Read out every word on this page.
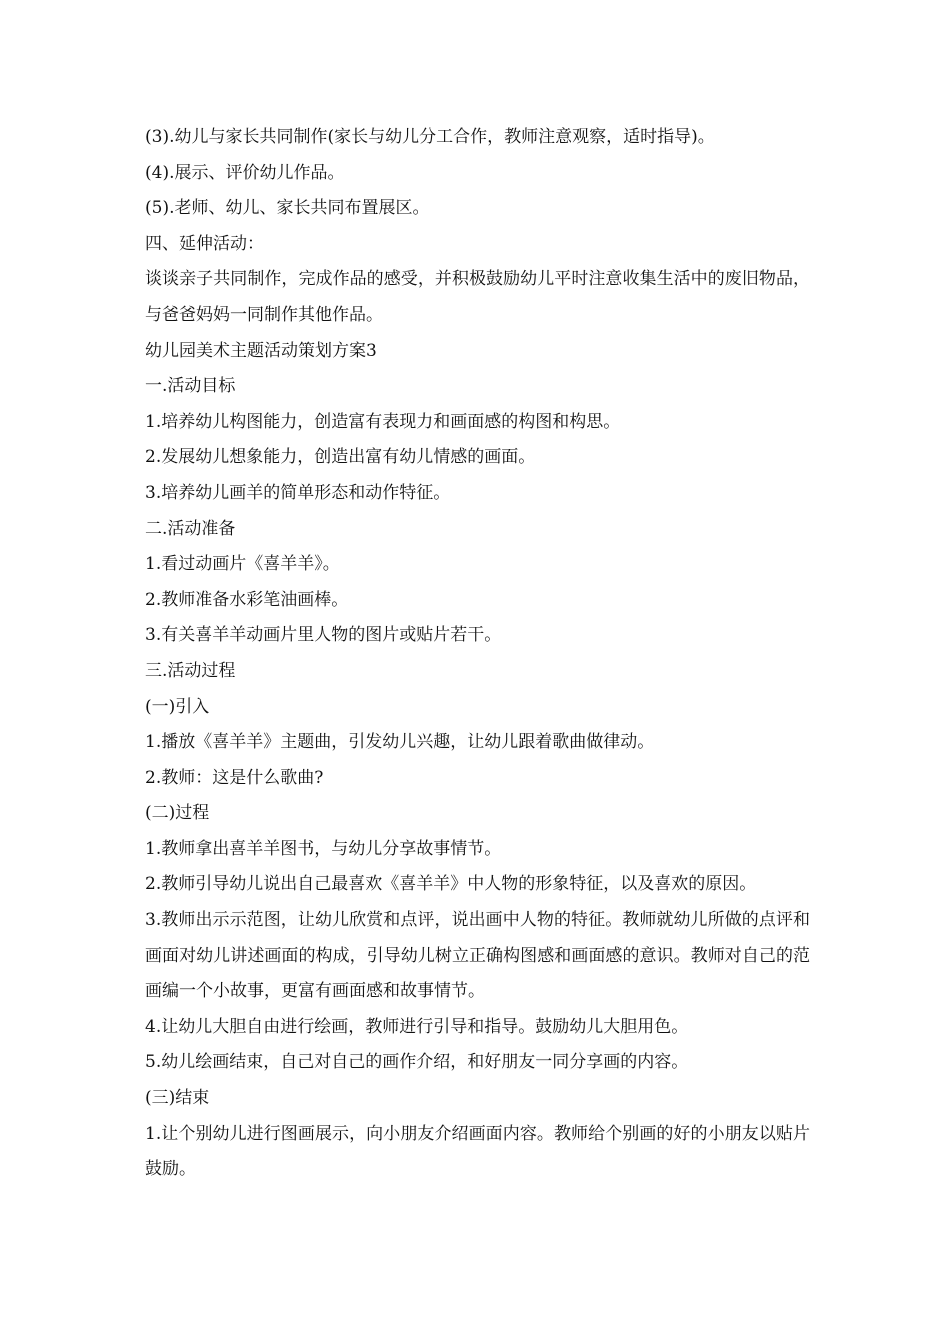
(3).幼儿与家长共同制作(家长与幼儿分工合作，教师注意观察，适时指导)。
(4).展示、评价幼儿作品。
(5).老师、幼儿、家长共同布置展区。
四、延伸活动：
谈谈亲子共同制作，完成作品的感受，并积极鼓励幼儿平时注意收集生活中的废旧物品，与爸爸妈妈一同制作其他作品。
幼儿园美术主题活动策划方案3
一.活动目标
1.培养幼儿构图能力，创造富有表现力和画面感的构图和构思。
2.发展幼儿想象能力，创造出富有幼儿情感的画面。
3.培养幼儿画羊的简单形态和动作特征。
二.活动准备
1.看过动画片《喜羊羊》。
2.教师准备水彩笔油画棒。
3.有关喜羊羊动画片里人物的图片或贴片若干。
三.活动过程
(一)引入
1.播放《喜羊羊》主题曲，引发幼儿兴趣，让幼儿跟着歌曲做律动。
2.教师：这是什么歌曲?
(二)过程
1.教师拿出喜羊羊图书，与幼儿分享故事情节。
2.教师引导幼儿说出自己最喜欢《喜羊羊》中人物的形象特征，以及喜欢的原因。
3.教师出示示范图，让幼儿欣赏和点评，说出画中人物的特征。教师就幼儿所做的点评和画面对幼儿讲述画面的构成，引导幼儿树立正确构图感和画面感的意识。教师对自己的范画编一个小故事，更富有画面感和故事情节。
4.让幼儿大胆自由进行绘画，教师进行引导和指导。鼓励幼儿大胆用色。
5.幼儿绘画结束，自己对自己的画作介绍，和好朋友一同分享画的内容。
(三)结束
1.让个别幼儿进行图画展示，向小朋友介绍画面内容。教师给个别画的好的小朋友以贴片鼓励。
